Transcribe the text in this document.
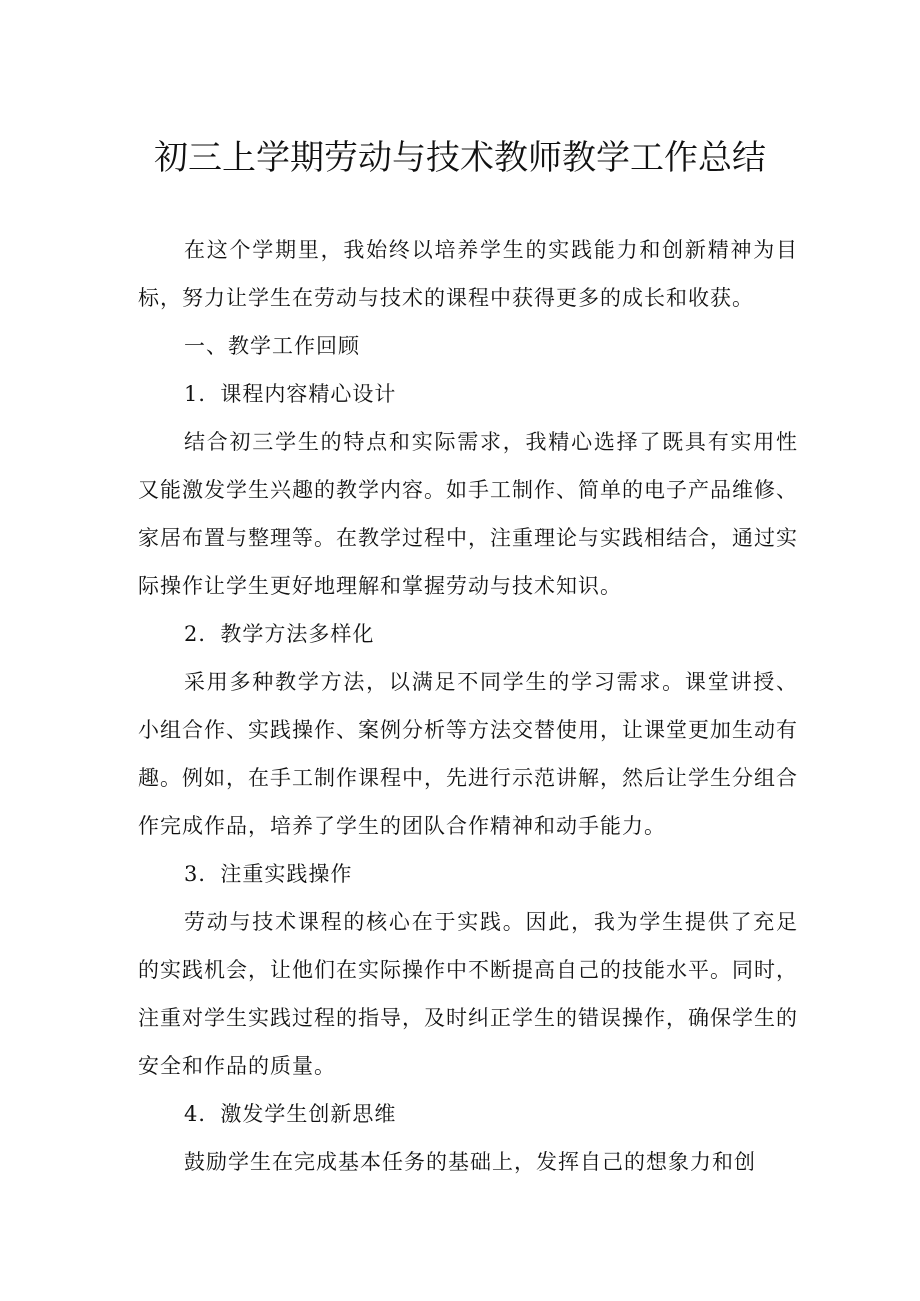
初三上学期劳动与技术教师教学工作总结

在这个学期里，我始终以培养学生的实践能力和创新精神为目标，努力让学生在劳动与技术的课程中获得更多的成长和收获。

一、教学工作回顾

1．课程内容精心设计

结合初三学生的特点和实际需求，我精心选择了既具有实用性又能激发学生兴趣的教学内容。如手工制作、简单的电子产品维修、家居布置与整理等。在教学过程中，注重理论与实践相结合，通过实际操作让学生更好地理解和掌握劳动与技术知识。

2．教学方法多样化

采用多种教学方法，以满足不同学生的学习需求。课堂讲授、小组合作、实践操作、案例分析等方法交替使用，让课堂更加生动有趣。例如，在手工制作课程中，先进行示范讲解，然后让学生分组合作完成作品，培养了学生的团队合作精神和动手能力。

3．注重实践操作

劳动与技术课程的核心在于实践。因此，我为学生提供了充足的实践机会，让他们在实际操作中不断提高自己的技能水平。同时，注重对学生实践过程的指导，及时纠正学生的错误操作，确保学生的安全和作品的质量。

4．激发学生创新思维

鼓励学生在完成基本任务的基础上，发挥自己的想象力和创
